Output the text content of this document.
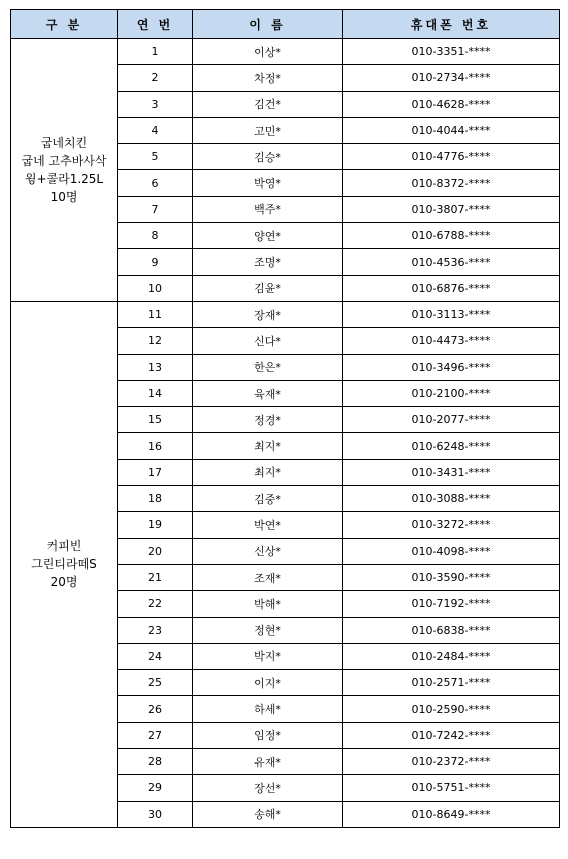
구 분	연 번	이 름	휴대폰 번호

굽네치킨
굽네 고추바사삭
윙+콜라1.25L
10명	1	이상*	010-3351-****
	2	차정*	010-2734-****
	3	김건*	010-4628-****
	4	고민*	010-4044-****
	5	김승*	010-4776-****
	6	박영*	010-8372-****
	7	백주*	010-3807-****
	8	양연*	010-6788-****
	9	조명*	010-4536-****
	10	김윤*	010-6876-****

커피빈
그린티라떼S
20명	11	장재*	010-3113-****
	12	신다*	010-4473-****
	13	한은*	010-3496-****
	14	육재*	010-2100-****
	15	정경*	010-2077-****
	16	최지*	010-6248-****
	17	최지*	010-3431-****
	18	김중*	010-3088-****
	19	박연*	010-3272-****
	20	신상*	010-4098-****
	21	조재*	010-3590-****
	22	박해*	010-7192-****
	23	정현*	010-6838-****
	24	박지*	010-2484-****
	25	이지*	010-2571-****
	26	하세*	010-2590-****
	27	임정*	010-7242-****
	28	유재*	010-2372-****
	29	장선*	010-5751-****
	30	송해*	010-8649-****
